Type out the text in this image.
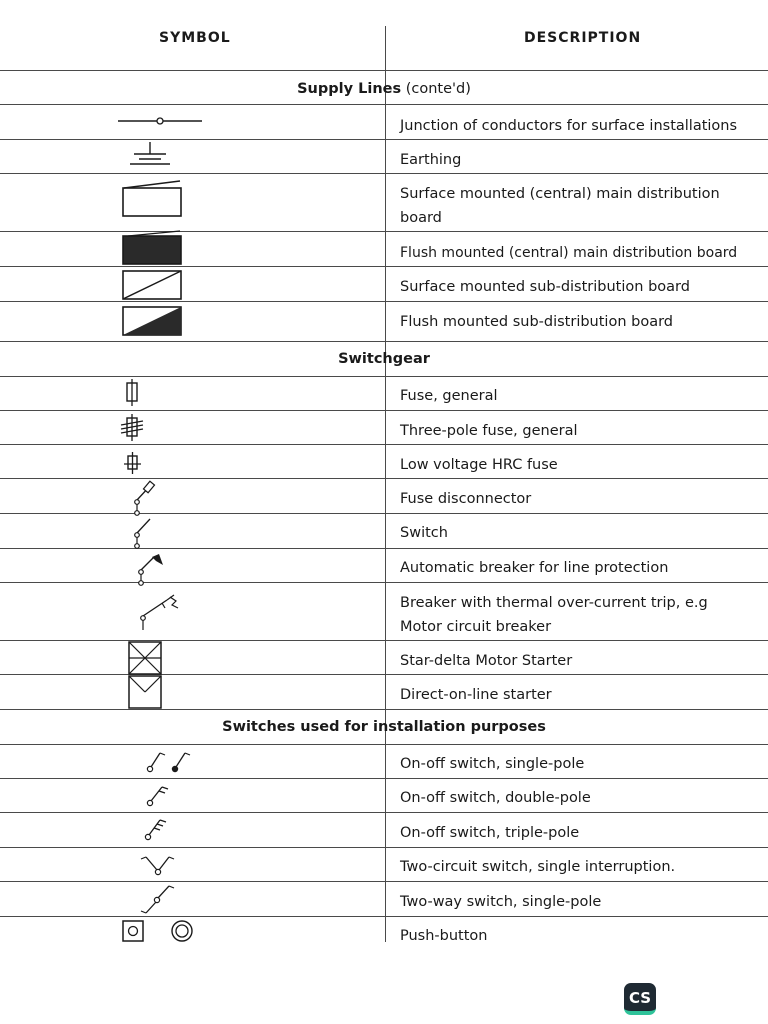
SYMBOL	DESCRIPTION
Supply Lines (conte'd)
Switchgear
Switches used for installation purposes
Junction of conductors for surface installations
Earthing
Surface mounted (central) main distribution board
Flush mounted (central) main distribution board
Surface mounted sub-distribution board
Flush mounted sub-distribution board
Fuse, general
Three-pole fuse, general
Low voltage HRC fuse
Fuse disconnector
Switch
Automatic breaker for line protection
Breaker with thermal over-current trip, e.g Motor circuit breaker
Star-delta Motor Starter
Direct-on-line starter
On-off switch, single-pole
On-off switch, double-pole
On-off switch, triple-pole
Two-circuit switch, single interruption.
Two-way switch, single-pole
Push-button
CS
